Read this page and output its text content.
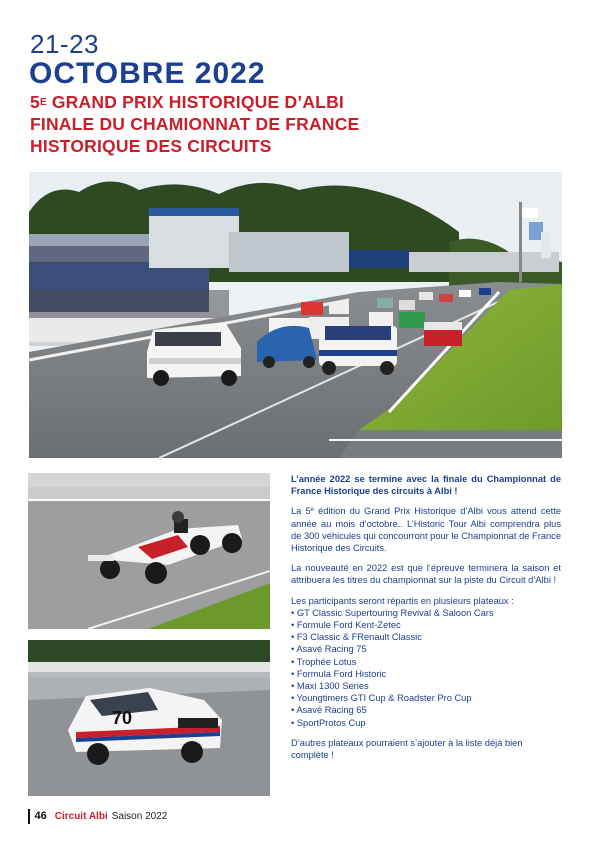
21-23
OCTOBRE 2022
$5^E$ GRAND PRIX HISTORIQUE D’ALBI
FINALE DU CHAMIONNAT DE FRANCE
HISTORIQUE DES CIRCUITS
70

L’année 2022 se termine avec la finale du Championnat de France Historique des circuits à Albi !

La 5e édition du Grand Prix Historique d’Albi vous attend cette année au mois d’octobre.. L’Historic Tour Albi comprendra plus de 300 véhicules qui concourront pour le Championnat de France Historique des Circuits.

La nouveauté en 2022 est que l’épreuve terminera la saison et attribuera les titres du championnat sur la piste du Circuit d’Albi !

Les participants seront répartis en plusieurs plateaux :
• GT Classic Supertouring Revival & Saloon Cars
• Formule Ford Kent-Zetec
• F3 Classic & FRenault Classic
• Asavé Racing 75
• Trophée Lotus
• Formula Ford Historic
• Maxi 1300 Series
• Youngtimers GTI Cup & Roadster Pro Cup
• Asavé Racing 65
• SportProtos Cup

D’autres plateaux pourraient s’ajouter à la liste déjà bien complète !

46 Circuit Albi Saison 2022
